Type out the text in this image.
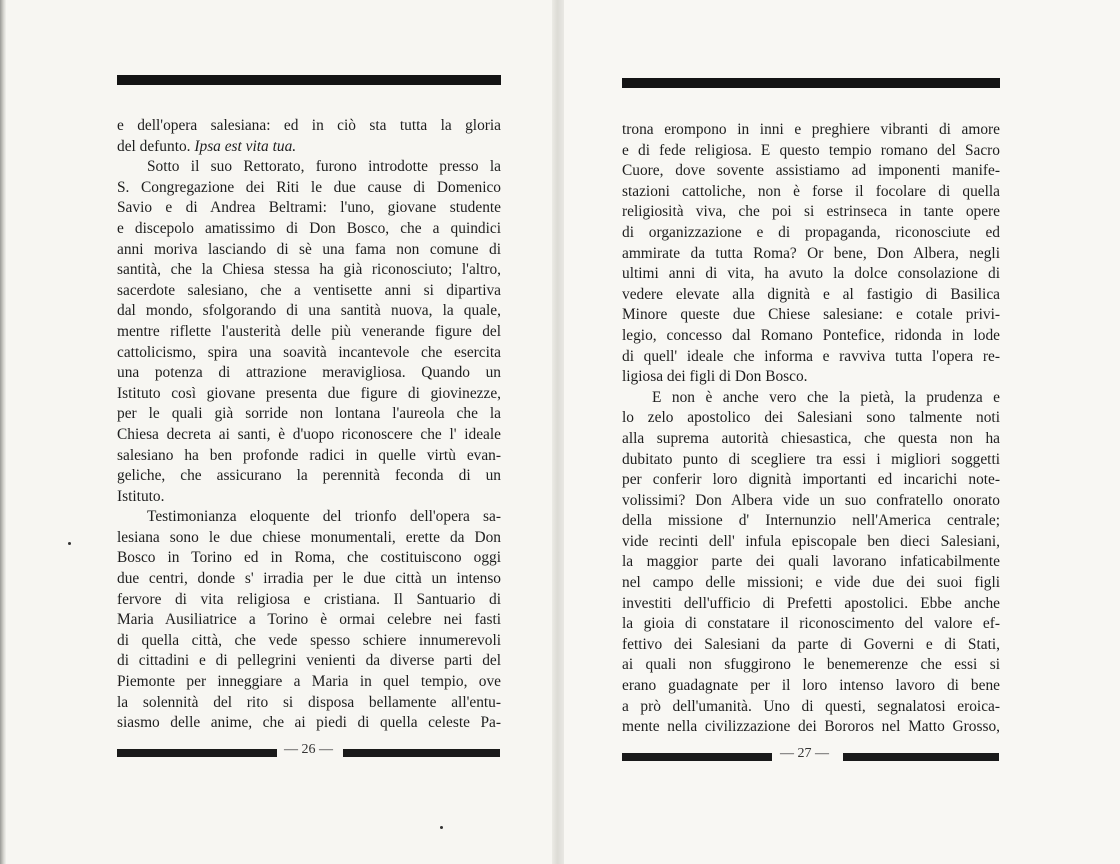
e dell'opera salesiana: ed in ciò sta tutta la gloria
del defunto. Ipsa est vita tua.
Sotto il suo Rettorato, furono introdotte presso la
S. Congregazione dei Riti le due cause di Domenico
Savio e di Andrea Beltrami: l'uno, giovane studente
e discepolo amatissimo di Don Bosco, che a quindici
anni moriva lasciando di sè una fama non comune di
santità, che la Chiesa stessa ha già riconosciuto; l'altro,
sacerdote salesiano, che a ventisette anni si dipartiva
dal mondo, sfolgorando di una santità nuova, la quale,
mentre riflette l'austerità delle più venerande figure del
cattolicismo, spira una soavità incantevole che esercita
una potenza di attrazione meravigliosa. Quando un
Istituto così giovane presenta due figure di giovinezze,
per le quali già sorride non lontana l'aureola che la
Chiesa decreta ai santi, è d'uopo riconoscere che l' ideale
salesiano ha ben profonde radici in quelle virtù evan-
geliche, che assicurano la perennità feconda di un
Istituto.
Testimonianza eloquente del trionfo dell'opera sa-
lesiana sono le due chiese monumentali, erette da Don
Bosco in Torino ed in Roma, che costituiscono oggi
due centri, donde s' irradia per le due città un intenso
fervore di vita religiosa e cristiana. Il Santuario di
Maria Ausiliatrice a Torino è ormai celebre nei fasti
di quella città, che vede spesso schiere innumerevoli
di cittadini e di pellegrini venienti da diverse parti del
Piemonte per inneggiare a Maria in quel tempio, ove
la solennità del rito si disposa bellamente all'entu-
siasmo delle anime, che ai piedi di quella celeste Pa-
trona erompono in inni e preghiere vibranti di amore
e di fede religiosa. E questo tempio romano del Sacro
Cuore, dove sovente assistiamo ad imponenti manife-
stazioni cattoliche, non è forse il focolare di quella
religiosità viva, che poi si estrinseca in tante opere
di organizzazione e di propaganda, riconosciute ed
ammirate da tutta Roma? Or bene, Don Albera, negli
ultimi anni di vita, ha avuto la dolce consolazione di
vedere elevate alla dignità e al fastigio di Basilica
Minore queste due Chiese salesiane: e cotale privi-
legio, concesso dal Romano Pontefice, ridonda in lode
di quell' ideale che informa e ravviva tutta l'opera re-
ligiosa dei figli di Don Bosco.
E non è anche vero che la pietà, la prudenza e
lo zelo apostolico dei Salesiani sono talmente noti
alla suprema autorità chiesastica, che questa non ha
dubitato punto di scegliere tra essi i migliori soggetti
per conferir loro dignità importanti ed incarichi note-
volissimi? Don Albera vide un suo confratello onorato
della missione d' Internunzio nell'America centrale;
vide recinti dell' infula episcopale ben dieci Salesiani,
la maggior parte dei quali lavorano infaticabilmente
nel campo delle missioni; e vide due dei suoi figli
investiti dell'ufficio di Prefetti apostolici. Ebbe anche
la gioia di constatare il riconoscimento del valore ef-
fettivo dei Salesiani da parte di Governi e di Stati,
ai quali non sfuggirono le benemerenze che essi si
erano guadagnate per il loro intenso lavoro di bene
a prò dell'umanità. Uno di questi, segnalatosi eroica-
mente nella civilizzazione dei Bororos nel Matto Grosso,
— 26 —	— 27 —
